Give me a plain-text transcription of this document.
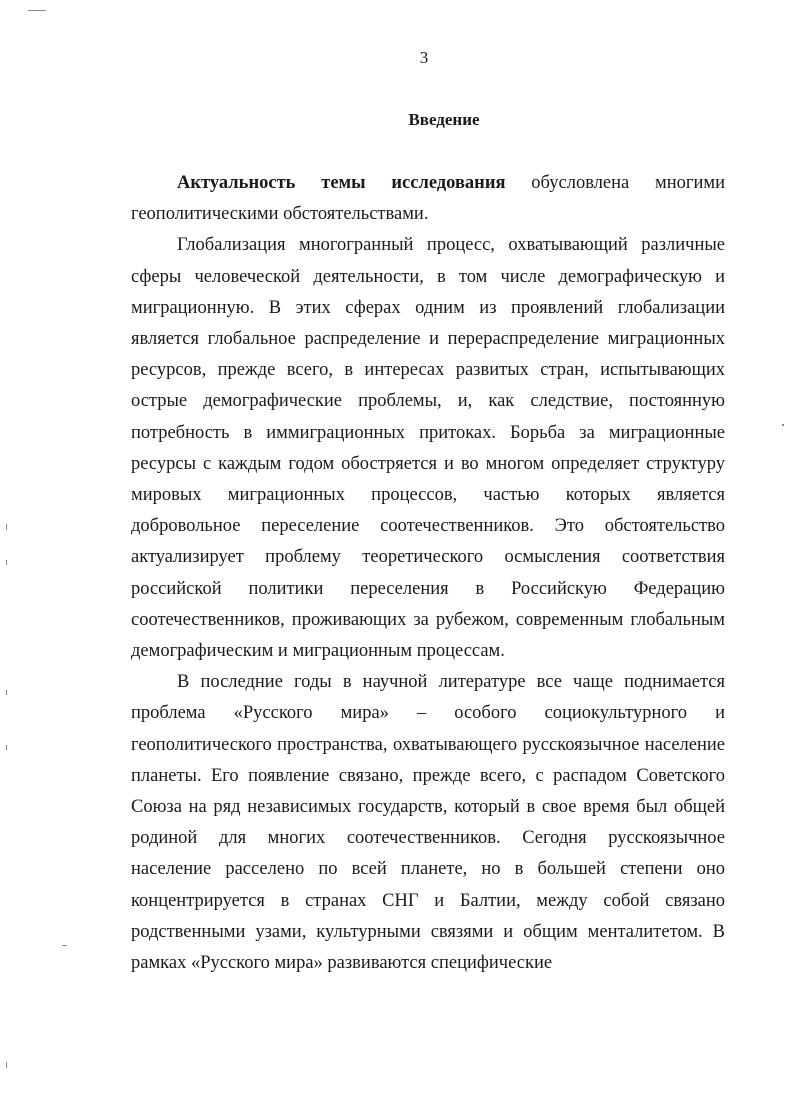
3
Введение

Актуальность темы исследования обусловлена многими геополитическими обстоятельствами.

Глобализация многогранный процесс, охватывающий различные сферы человеческой деятельности, в том числе демографическую и миграционную. В этих сферах одним из проявлений глобализации является глобальное распределение и перераспределение миграционных ресурсов, прежде всего, в интересах развитых стран, испытывающих острые демографические проблемы, и, как следствие, постоянную потребность в иммиграционных притоках. Борьба за миграционные ресурсы с каждым годом обостряется и во многом определяет структуру мировых миграционных процессов, частью которых является добровольное переселение соотечественников. Это обстоятельство актуализирует проблему теоретического осмысления соответствия российской политики переселения в Российскую Федерацию соотечественников, проживающих за рубежом, современным глобальным демографическим и миграционным процессам.

В последние годы в научной литературе все чаще поднимается проблема «Русского мира» – особого социокультурного и геополитического пространства, охватывающего русскоязычное население планеты. Его появление связано, прежде всего, с распадом Советского Союза на ряд независимых государств, который в свое время был общей родиной для многих соотечественников. Сегодня русскоязычное население расселено по всей планете, но в большей степени оно концентрируется в странах СНГ и Балтии, между собой связано родственными узами, культурными связями и общим менталитетом. В рамках «Русского мира» развиваются специфические
